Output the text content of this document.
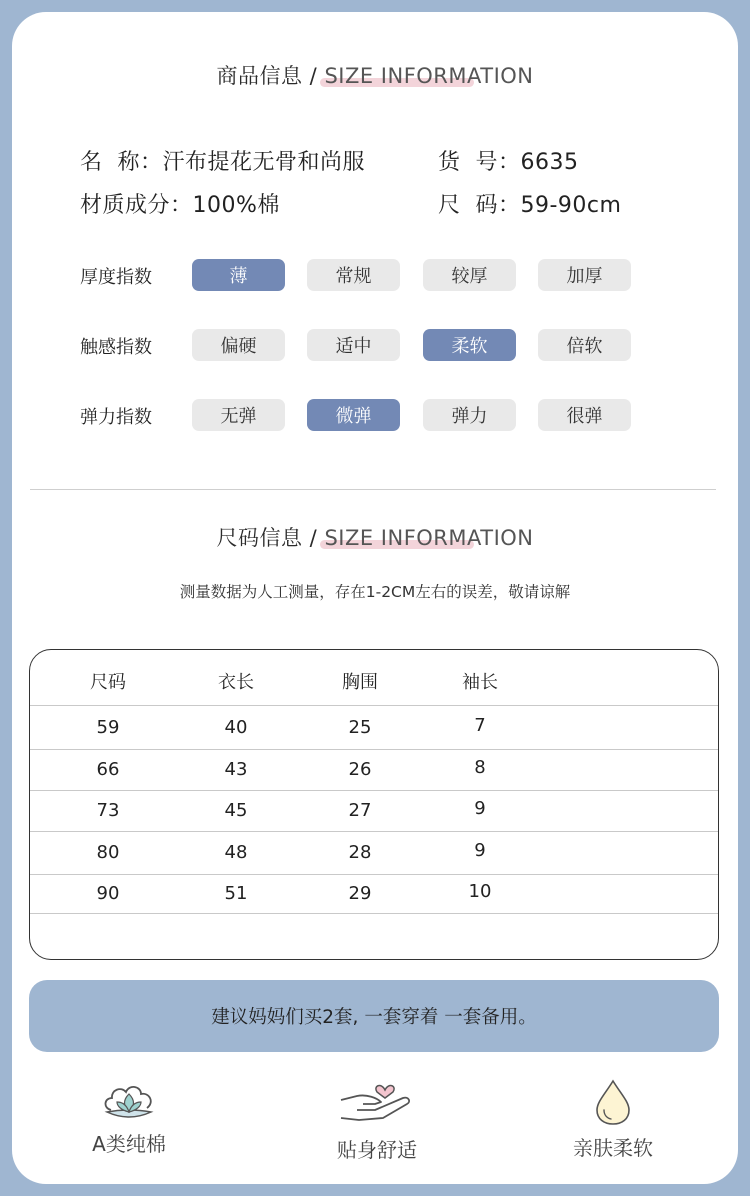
商品信息 / SIZE INFORMATION
名  称：汗布提花无骨和尚服	货  号：6635
材质成分：100%棉	尺  码：59-90cm
厚度指数	薄	常规	较厚	加厚
触感指数	偏硬	适中	柔软	倍软
弹力指数	无弹	微弹	弹力	很弹
尺码信息 / SIZE INFORMATION
测量数据为人工测量，存在1-2CM左右的误差，敬请谅解
尺码	衣长	胸围	袖长
59	40	25	7
66	43	26	8
73	45	27	9
80	48	28	9
90	51	29	10
建议妈妈们买2套, 一套穿着 一套备用。
A类纯棉	贴身舒适	亲肤柔软
